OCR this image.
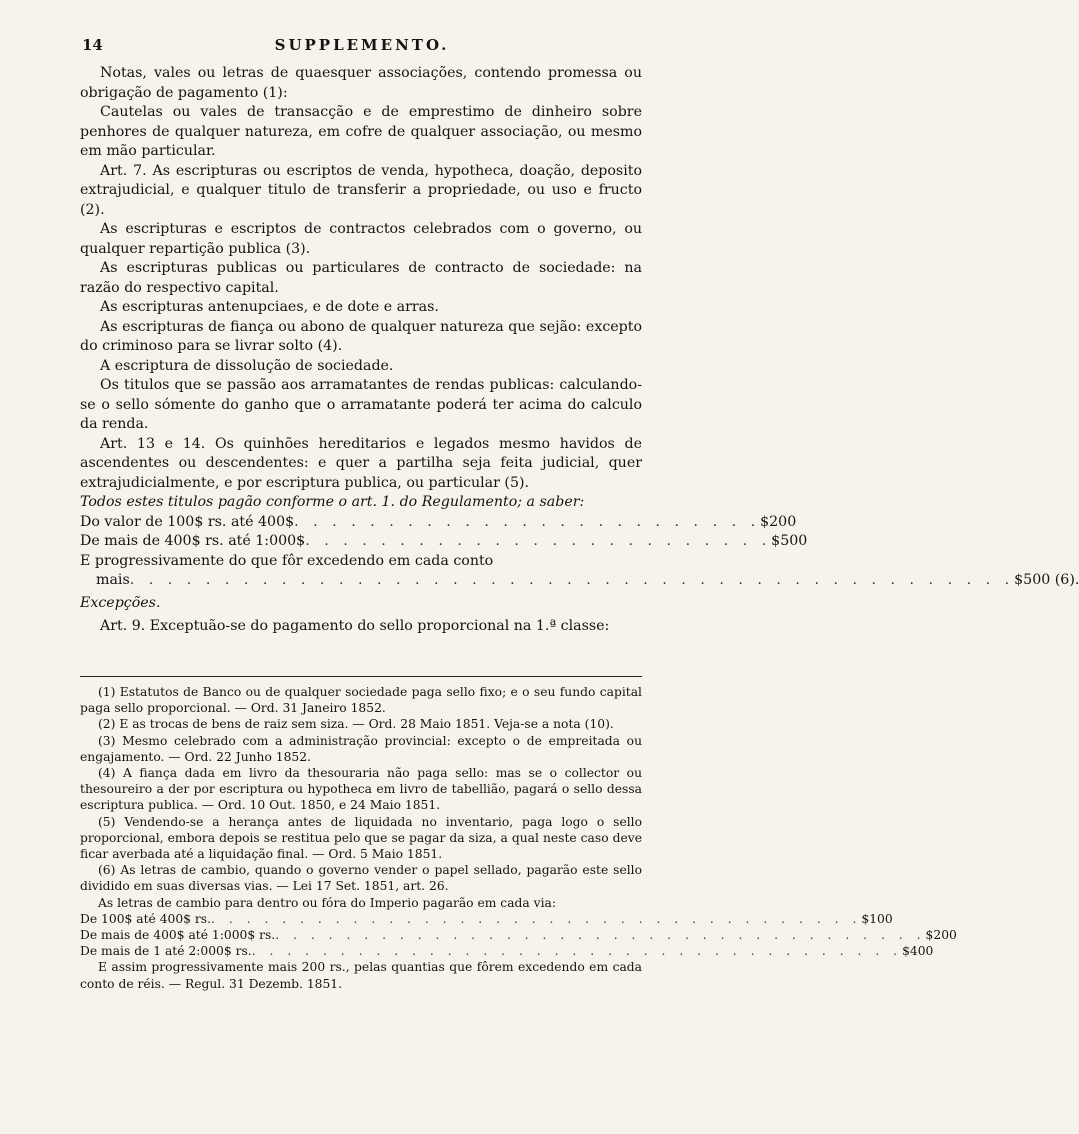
14	SUPPLEMENTO.

Notas, vales ou letras de quaesquer associações, contendo promessa ou obrigação de pagamento (1):

Cautelas ou vales de transacção e de emprestimo de dinheiro sobre penhores de qualquer natureza, em cofre de qualquer associação, ou mesmo em mão particular.

Art. 7. As escripturas ou escriptos de venda, hypotheca, doação, deposito extrajudicial, e qualquer titulo de transferir a propriedade, ou uso e fructo (2).

As escripturas e escriptos de contractos celebrados com o governo, ou qualquer repartição publica (3).

As escripturas publicas ou particulares de contracto de sociedade: na razão do respectivo capital.

As escripturas antenupciaes, e de dote e arras.

As escripturas de fiança ou abono de qualquer natureza que sejão: excepto do criminoso para se livrar solto (4).

A escriptura de dissolução de sociedade.

Os titulos que se passão aos arramatantes de rendas publicas: calculando-se o sello sómente do ganho que o arramatante poderá ter acima do calculo da renda.

Art. 13 e 14. Os quinhões hereditarios e legados mesmo havidos de ascendentes ou descendentes: e quer a partilha seja feita judicial, quer extrajudicialmente, e por escriptura publica, ou particular (5).

Todos estes titulos pagão conforme o art. 1. do Regulamento; a saber:

Do valor de 100$ rs. até 400$ . . . . . . . . . . . . . . . . . . . . . . . . . $200
De mais de 400$ rs. até 1:000$ . . . . . . . . . . . . . . . . . . . . . . . . . $500

E progressivamente do que fôr excedendo em cada conto

mais . . . . . . . . . . . . . . . . . . . . . . . . . . . . . . . . . . . . . . . . . . . . . . . $500 (6).

Excepções.

Art. 9. Exceptuão-se do pagamento do sello proporcional na 1.ª classe:

(1) Estatutos de Banco ou de qualquer sociedade paga sello fixo; e o seu fundo capital paga sello proporcional. — Ord. 31 Janeiro 1852.

(2) E as trocas de bens de raiz sem siza. — Ord. 28 Maio 1851. Veja-se a nota (10).

(3) Mesmo celebrado com a administração provincial: excepto o de empreitada ou engajamento. — Ord. 22 Junho 1852.

(4) A fiança dada em livro da thesouraria não paga sello: mas se o collector ou thesoureiro a der por escriptura ou hypotheca em livro de tabellião, pagará o sello dessa escriptura publica. — Ord. 10 Out. 1850, e 24 Maio 1851.

(5) Vendendo-se a herança antes de liquidada no inventario, paga logo o sello proporcional, embora depois se restitua pelo que se pagar da siza, a qual neste caso deve ficar averbada até a liquidação final. — Ord. 5 Maio 1851.

(6) As letras de cambio, quando o governo vender o papel sellado, pagarão este sello dividido em suas diversas vias. — Lei 17 Set. 1851, art. 26.

As letras de cambio para dentro ou fóra do Imperio pagarão em cada via:

De 100$ até 400$ rs. . . . . . . . . . . . . . . . . . . . . . . . . . . . . . . . . . . . . . $100
De mais de 400$ até 1:000$ rs. . . . . . . . . . . . . . . . . . . . . . . . . . . . . . . . . . . . . . $200
De mais de 1 até 2:000$ rs. . . . . . . . . . . . . . . . . . . . . . . . . . . . . . . . . . . . . . $400

E assim progressivamente mais 200 rs., pelas quantias que fôrem excedendo em cada conto de réis. — Regul. 31 Dezemb. 1851.
